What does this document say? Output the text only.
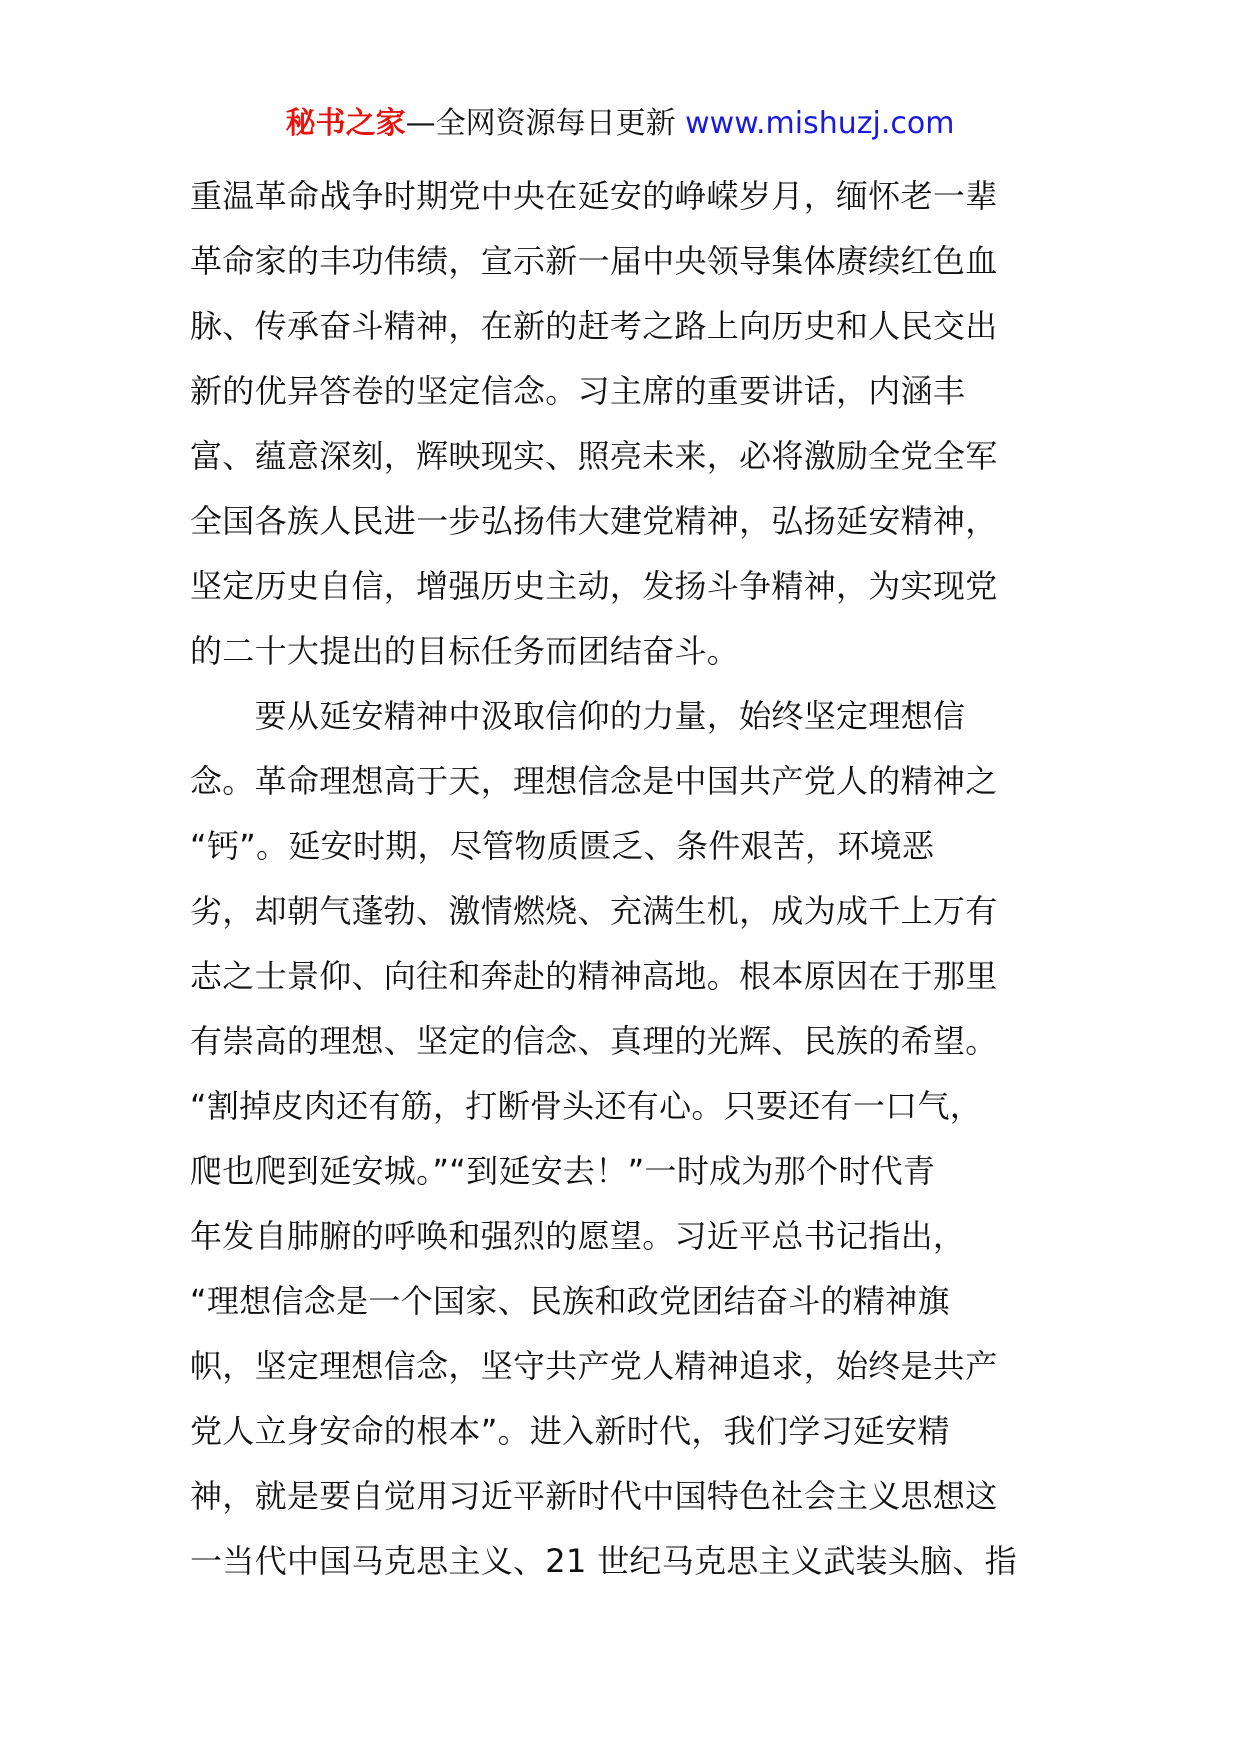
秘书之家—全网资源每日更新 www.mishuzj.com
重温革命战争时期党中央在延安的峥嵘岁月，缅怀老一辈
革命家的丰功伟绩，宣示新一届中央领导集体赓续红色血
脉、传承奋斗精神，在新的赶考之路上向历史和人民交出
新的优异答卷的坚定信念。习主席的重要讲话，内涵丰
富、蕴意深刻，辉映现实、照亮未来，必将激励全党全军
全国各族人民进一步弘扬伟大建党精神，弘扬延安精神，
坚定历史自信，增强历史主动，发扬斗争精神，为实现党
的二十大提出的目标任务而团结奋斗。
　　要从延安精神中汲取信仰的力量，始终坚定理想信
念。革命理想高于天，理想信念是中国共产党人的精神之
“钙”。延安时期，尽管物质匮乏、条件艰苦，环境恶
劣，却朝气蓬勃、激情燃烧、充满生机，成为成千上万有
志之士景仰、向往和奔赴的精神高地。根本原因在于那里
有崇高的理想、坚定的信念、真理的光辉、民族的希望。
“割掉皮肉还有筋，打断骨头还有心。只要还有一口气，
爬也爬到延安城。”“到延安去！”一时成为那个时代青
年发自肺腑的呼唤和强烈的愿望。习近平总书记指出，
“理想信念是一个国家、民族和政党团结奋斗的精神旗
帜，坚定理想信念，坚守共产党人精神追求，始终是共产
党人立身安命的根本”。进入新时代，我们学习延安精
神，就是要自觉用习近平新时代中国特色社会主义思想这
一当代中国马克思主义、21 世纪马克思主义武装头脑、指
